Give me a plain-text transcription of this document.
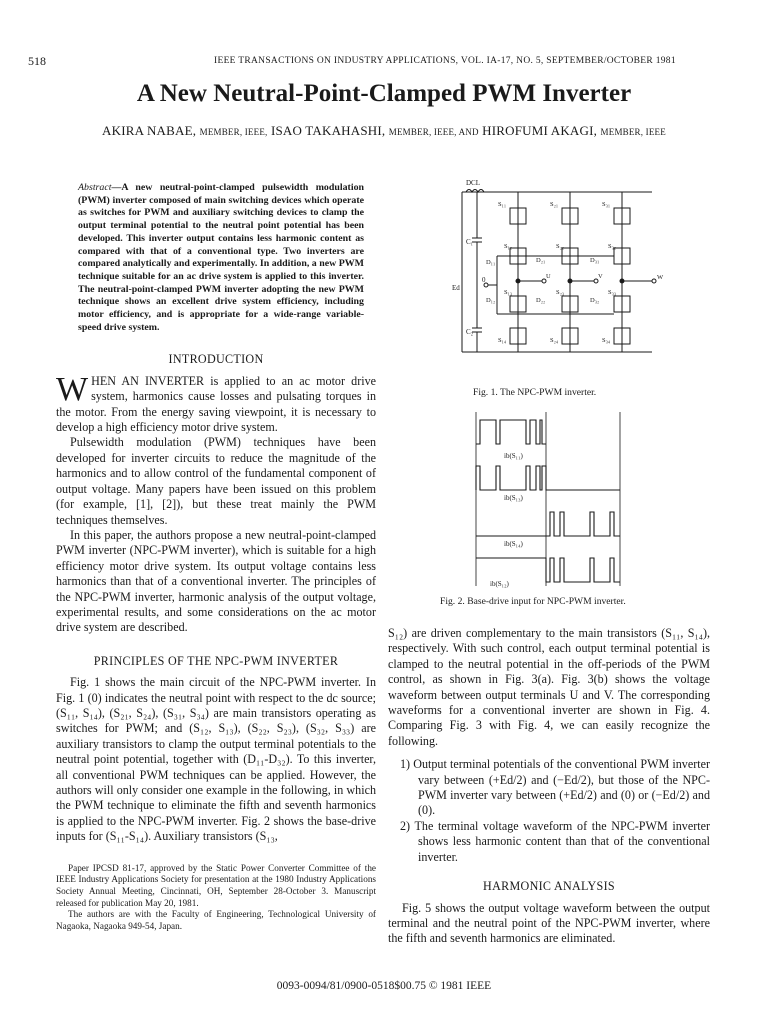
518	IEEE TRANSACTIONS ON INDUSTRY APPLICATIONS, VOL. IA-17, NO. 5, SEPTEMBER/OCTOBER 1981
A New Neutral-Point-Clamped PWM Inverter
AKIRA NABAE, MEMBER, IEEE, ISAO TAKAHASHI, MEMBER, IEEE, AND HIROFUMI AKAGI, MEMBER, IEEE
Abstract—A new neutral-point-clamped pulsewidth modulation (PWM) inverter composed of main switching devices which operate as switches for PWM and auxiliary switching devices to clamp the output terminal potential to the neutral point potential has been developed. This inverter output contains less harmonic content as compared with that of a conventional type. Two inverters are compared analytically and experimentally. In addition, a new PWM technique suitable for an ac drive system is applied to this inverter. The neutral-point-clamped PWM inverter adopting the new PWM technique shows an excellent drive system efficiency, including motor efficiency, and is appropriate for a wide-range variable-speed drive system.
INTRODUCTION

WHEN AN INVERTER is applied to an ac motor drive system, harmonics cause losses and pulsating torques in the motor. From the energy saving viewpoint, it is necessary to develop a high efficiency motor drive system.

Pulsewidth modulation (PWM) techniques have been developed for inverter circuits to reduce the magnitude of the harmonics and to allow control of the fundamental component of output voltage. Many papers have been issued on this problem (for example, [1], [2]), but these treat mainly the PWM techniques themselves.

In this paper, the authors propose a new neutral-point-clamped PWM inverter (NPC-PWM inverter), which is suitable for a high efficiency motor drive system. Its output voltage contains less harmonics than that of a conventional inverter. The principles of the NPC-PWM inverter, harmonic analysis of the output voltage, experimental results, and some considerations on the ac motor drive system are described.

PRINCIPLES OF THE NPC-PWM INVERTER

Fig. 1 shows the main circuit of the NPC-PWM inverter. In Fig. 1 (0) indicates the neutral point with respect to the dc source; (S₁₁, S₁₄), (S₂₁, S₂₄), (S₃₁, S₃₄) are main transistors operating as switches for PWM; and (S₁₂, S₁₃), (S₂₂, S₂₃), (S₃₂, S₃₃) are auxiliary transistors to clamp the output terminal potentials to the neutral point potential, together with (D₁₁-D₃₂). To this inverter, all conventional PWM techniques can be applied. However, the authors will only consider one example in the following, in which the PWM technique to eliminate the fifth and seventh harmonics is applied to the NPC-PWM inverter. Fig. 2 shows the base-drive inputs for (S₁₁-S₁₄). Auxiliary transistors (S₁₃,

Paper IPCSD 81-17, approved by the Static Power Converter Committee of the IEEE Industry Applications Society for presentation at the 1980 Industry Applications Society Annual Meeting, Cincinnati, OH, September 28-October 3. Manuscript released for publication May 20, 1981.

The authors are with the Faculty of Engineering, Technological University of Nagaoka, Nagaoka 949-54, Japan.

DCL
C₁
C₂
Ed
0	U	V	W
S₁₁	S₂₁	S₃₁
S₁₂	S₂₂	S₃₂
S₁₃	S₂₃	S₃₃
S₁₄	S₂₄	S₃₄
D₁₁
D₁₂
D₂₁
D₂₂
D₃₁
D₃₂
Fig. 1. The NPC-PWM inverter.
ib(S₁₁)
ib(S₁₃)
ib(S₁₄)
ib(S₁₂)
Fig. 2. Base-drive input for NPC-PWM inverter.

S₁₂) are driven complementary to the main transistors (S₁₁, S₁₄), respectively. With such control, each output terminal potential is clamped to the neutral potential in the off-periods of the PWM control, as shown in Fig. 3(a). Fig. 3(b) shows the voltage waveform between output terminals U and V. The corresponding waveforms for a conventional inverter are shown in Fig. 4. Comparing Fig. 3 with Fig. 4, we can easily recognize the following.

1) Output terminal potentials of the conventional PWM inverter vary between (+Ed/2) and (−Ed/2), but those of the NPC-PWM inverter vary between (+Ed/2) and (0) or (−Ed/2) and (0).

2) The terminal voltage waveform of the NPC-PWM inverter shows less harmonic content than that of the conventional inverter.

HARMONIC ANALYSIS

Fig. 5 shows the output voltage waveform between the output terminal and the neutral point of the NPC-PWM inverter, where the fifth and seventh harmonics are eliminated.

0093-0094/81/0900-0518$00.75 © 1981 IEEE
